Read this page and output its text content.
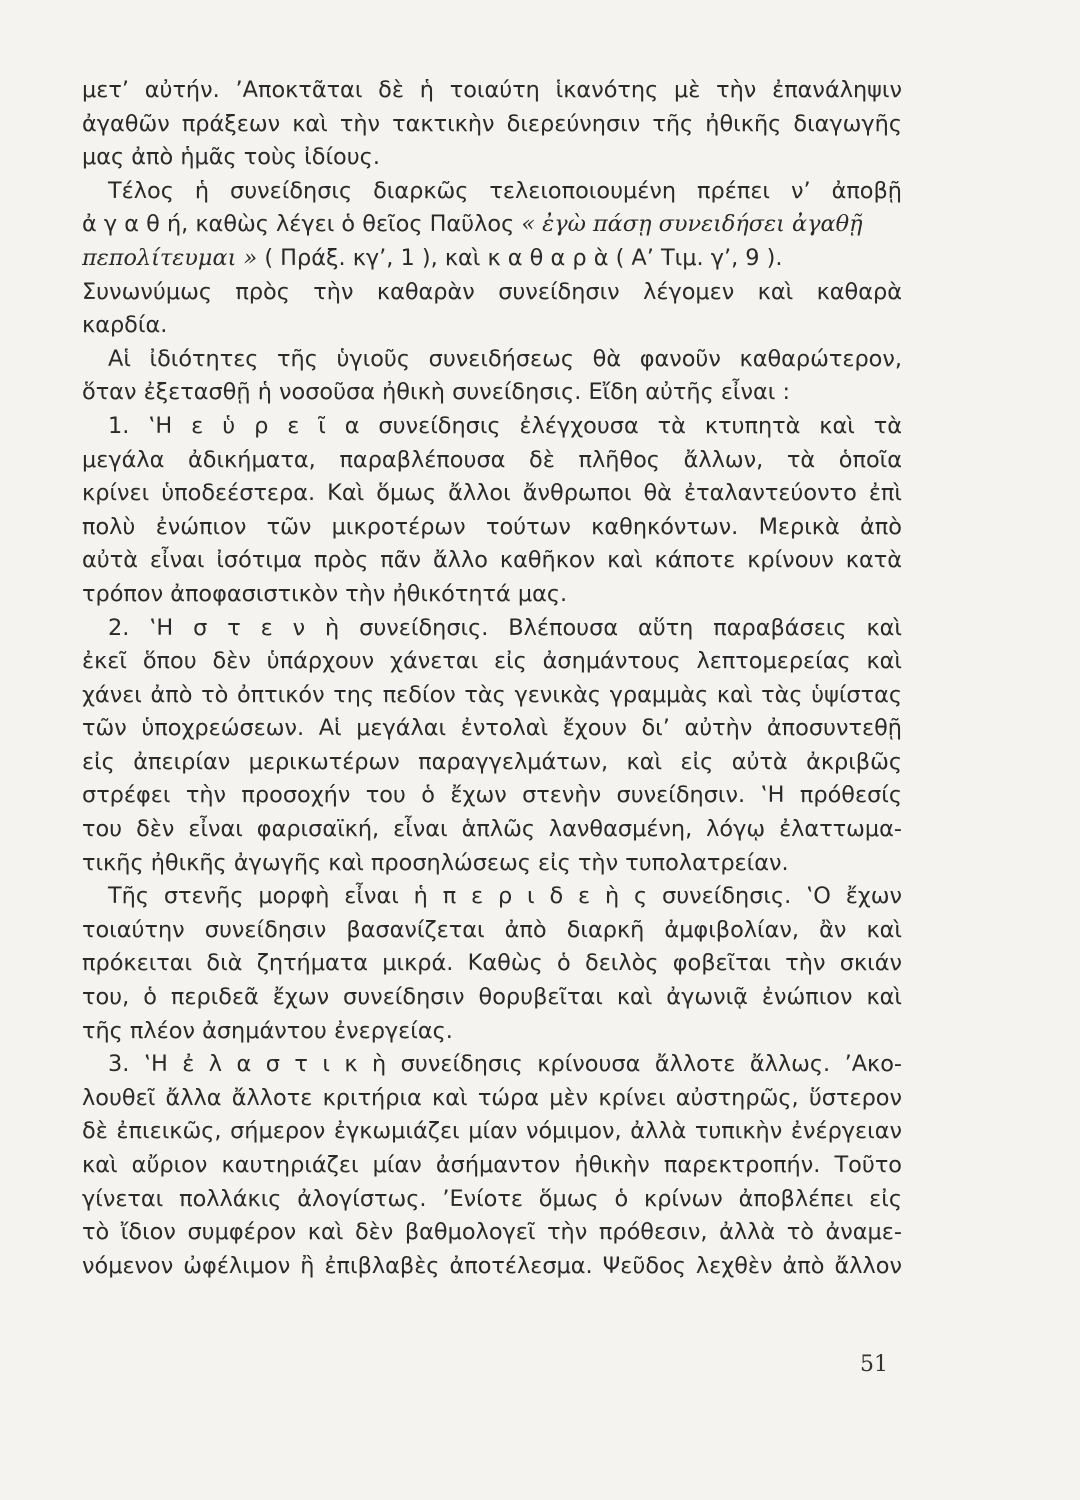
μετ’ αὐτήν. ’Αποκτᾶται δὲ ἡ τοιαύτη ἱκανότης μὲ τὴν ἐπανάληψιν
ἀγαθῶν πράξεων καὶ τὴν τακτικὴν διερεύνησιν τῆς ἠθικῆς διαγωγῆς
μας ἀπὸ ἡμᾶς τοὺς ἰδίους.
Τέλος ἡ συνείδησις διαρκῶς τελειοποιουμένη πρέπει ν’ ἀποβῇ
ἀ γ α θ ή, καθὼς λέγει ὁ θεῖος Παῦλος « ἐγὼ πάσῃ συνειδήσει ἀγαθῇ
πεπολίτευμαι » ( Πράξ. κγ’, 1 ), καὶ κ α θ α ρ ὰ ( Α’ Τιμ. γ’, 9 ).
Συνωνύμως πρὸς τὴν καθαρὰν συνείδησιν λέγομεν καὶ καθαρὰ
καρδία.
Αἱ ἰδιότητες τῆς ὑγιοῦς συνειδήσεως θὰ φανοῦν καθαρώτερον,
ὅταν ἐξετασθῇ ἡ νοσοῦσα ἠθικὴ συνείδησις. Εἴδη αὐτῆς εἶναι :
1. ‛Η ε ὑ ρ ε ῖ α συνείδησις ἐλέγχουσα τὰ κτυπητὰ καὶ τὰ
μεγάλα ἀδικήματα, παραβλέπουσα δὲ πλῆθος ἄλλων, τὰ ὁποῖα
κρίνει ὑποδεέστερα. Καὶ ὅμως ἄλλοι ἄνθρωποι θὰ ἐταλαντεύοντο ἐπὶ
πολὺ ἐνώπιον τῶν μικροτέρων τούτων καθηκόντων. Μερικὰ ἀπὸ
αὐτὰ εἶναι ἰσότιμα πρὸς πᾶν ἄλλο καθῆκον καὶ κάποτε κρίνουν κατὰ
τρόπον ἀποφασιστικὸν τὴν ἠθικότητά μας.
2. ‛Η σ τ ε ν ὴ συνείδησις. Βλέπουσα αὕτη παραβάσεις καὶ
ἐκεῖ ὅπου δὲν ὑπάρχουν χάνεται εἰς ἀσημάντους λεπτομερείας καὶ
χάνει ἀπὸ τὸ ὀπτικόν της πεδίον τὰς γενικὰς γραμμὰς καὶ τὰς ὑψίστας
τῶν ὑποχρεώσεων. Αἱ μεγάλαι ἐντολαὶ ἔχουν δι’ αὐτὴν ἀποσυντεθῇ
εἰς ἀπειρίαν μερικωτέρων παραγγελμάτων, καὶ εἰς αὐτὰ ἀκριβῶς
στρέφει τὴν προσοχήν του ὁ ἔχων στενὴν συνείδησιν. ‛Η πρόθεσίς
του δὲν εἶναι φαρισαϊκή, εἶναι ἁπλῶς λανθασμένη, λόγῳ ἐλαττωμα-
τικῆς ἠθικῆς ἀγωγῆς καὶ προσηλώσεως εἰς τὴν τυπολατρείαν.
Τῆς στενῆς μορφὴ εἶναι ἡ π ε ρ ι δ ε ὴ ς συνείδησις. ‛Ο ἔχων
τοιαύτην συνείδησιν βασανίζεται ἀπὸ διαρκῆ ἀμφιβολίαν, ἂν καὶ
πρόκειται διὰ ζητήματα μικρά. Καθὼς ὁ δειλὸς φοβεῖται τὴν σκιάν
του, ὁ περιδεᾶ ἔχων συνείδησιν θορυβεῖται καὶ ἀγωνιᾷ ἐνώπιον καὶ
τῆς πλέον ἀσημάντου ἐνεργείας.
3. ‛Η ἐ λ α σ τ ι κ ὴ συνείδησις κρίνουσα ἄλλοτε ἄλλως. ’Ακο-
λουθεῖ ἄλλα ἄλλοτε κριτήρια καὶ τώρα μὲν κρίνει αὐστηρῶς, ὕστερον
δὲ ἐπιεικῶς, σήμερον ἐγκωμιάζει μίαν νόμιμον, ἀλλὰ τυπικὴν ἐνέργειαν
καὶ αὔριον καυτηριάζει μίαν ἀσήμαντον ἠθικὴν παρεκτροπήν. Τοῦτο
γίνεται πολλάκις ἀλογίστως. ’Ενίοτε ὅμως ὁ κρίνων ἀποβλέπει εἰς
τὸ ἴδιον συμφέρον καὶ δὲν βαθμολογεῖ τὴν πρόθεσιν, ἀλλὰ τὸ ἀναμε-
νόμενον ὠφέλιμον ἢ ἐπιβλαβὲς ἀποτέλεσμα. Ψεῦδος λεχθὲν ἀπὸ ἄλλον
51
